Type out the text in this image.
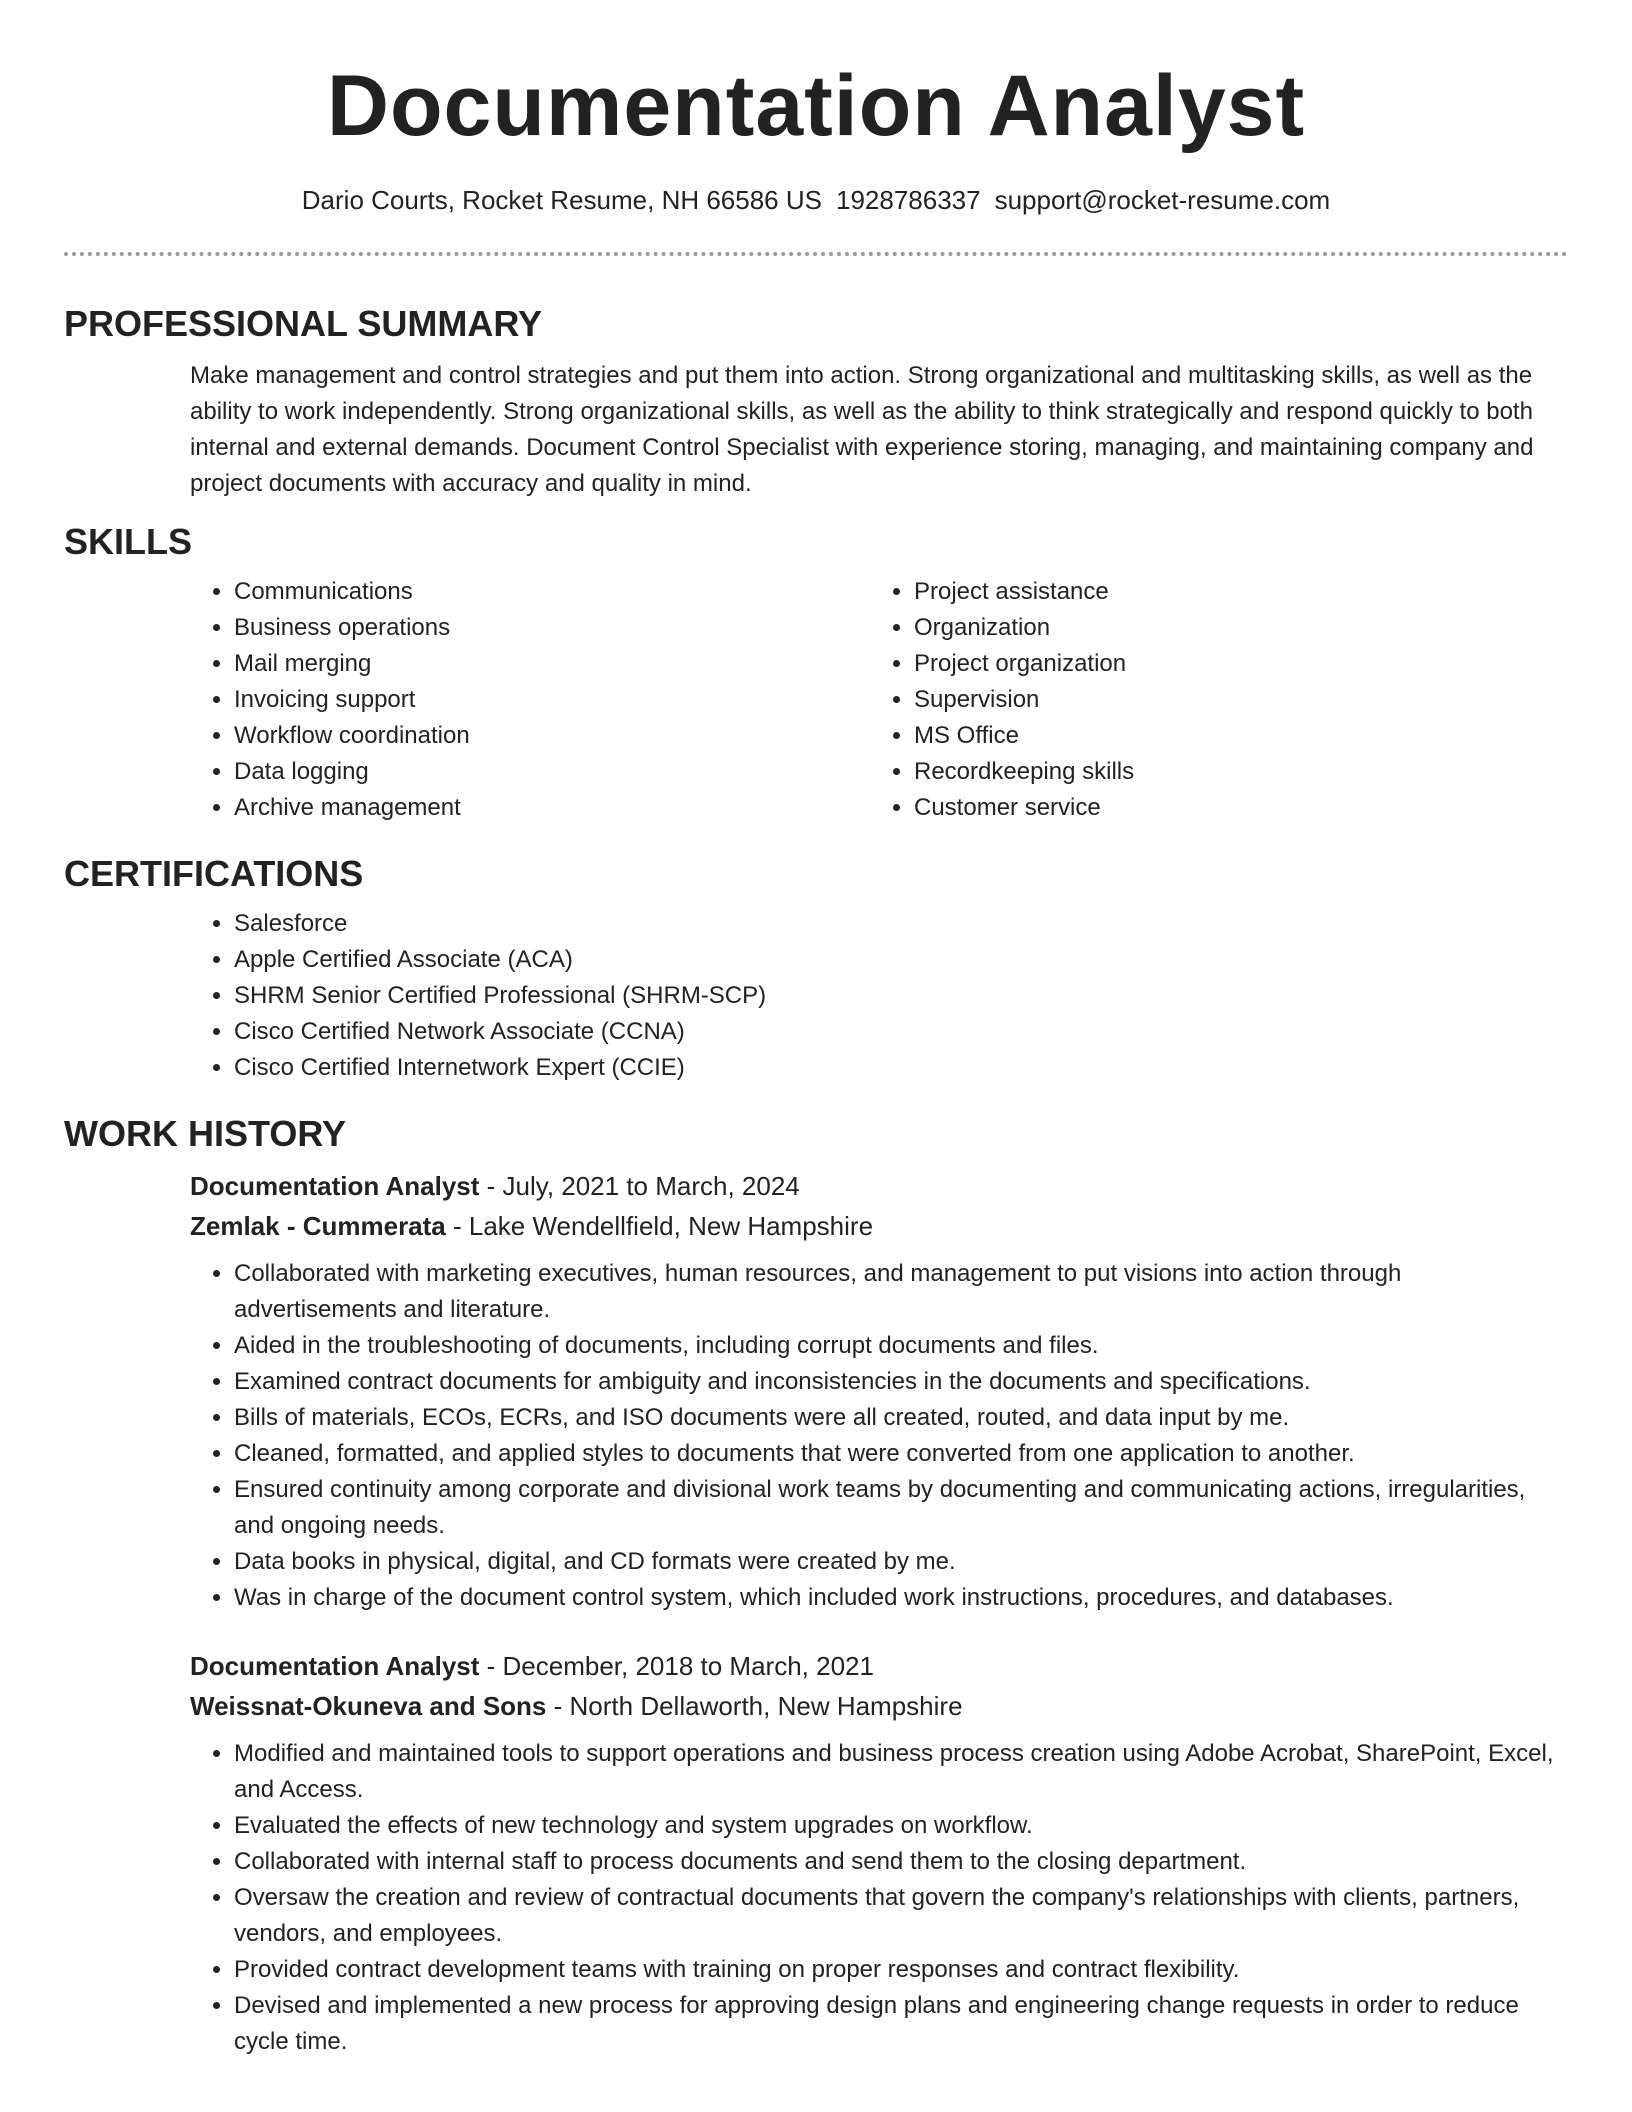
Documentation Analyst
Dario Courts, Rocket Resume, NH 66586 US 1928786337 support@rocket-resume.com
PROFESSIONAL SUMMARY

Make management and control strategies and put them into action. Strong organizational and multitasking skills, as well as the ability to work independently. Strong organizational skills, as well as the ability to think strategically and respond quickly to both internal and external demands. Document Control Specialist with experience storing, managing, and maintaining company and project documents with accuracy and quality in mind.

SKILLS
• Communications
• Business operations
• Mail merging
• Invoicing support
• Workflow coordination
• Data logging
• Archive management
• Project assistance
• Organization
• Project organization
• Supervision
• MS Office
• Recordkeeping skills
• Customer service
CERTIFICATIONS
• Salesforce
• Apple Certified Associate (ACA)
• SHRM Senior Certified Professional (SHRM-SCP)
• Cisco Certified Network Associate (CCNA)
• Cisco Certified Internetwork Expert (CCIE)
WORK HISTORY
Documentation Analyst - July, 2021 to March, 2024
Zemlak - Cummerata - Lake Wendellfield, New Hampshire
• Collaborated with marketing executives, human resources, and management to put visions into action through advertisements and literature.
• Aided in the troubleshooting of documents, including corrupt documents and files.
• Examined contract documents for ambiguity and inconsistencies in the documents and specifications.
• Bills of materials, ECOs, ECRs, and ISO documents were all created, routed, and data input by me.
• Cleaned, formatted, and applied styles to documents that were converted from one application to another.
• Ensured continuity among corporate and divisional work teams by documenting and communicating actions, irregularities, and ongoing needs.
• Data books in physical, digital, and CD formats were created by me.
• Was in charge of the document control system, which included work instructions, procedures, and databases.
Documentation Analyst - December, 2018 to March, 2021
Weissnat-Okuneva and Sons - North Dellaworth, New Hampshire
• Modified and maintained tools to support operations and business process creation using Adobe Acrobat, SharePoint, Excel, and Access.
• Evaluated the effects of new technology and system upgrades on workflow.
• Collaborated with internal staff to process documents and send them to the closing department.
• Oversaw the creation and review of contractual documents that govern the company's relationships with clients, partners, vendors, and employees.
• Provided contract development teams with training on proper responses and contract flexibility.
• Devised and implemented a new process for approving design plans and engineering change requests in order to reduce cycle time.
